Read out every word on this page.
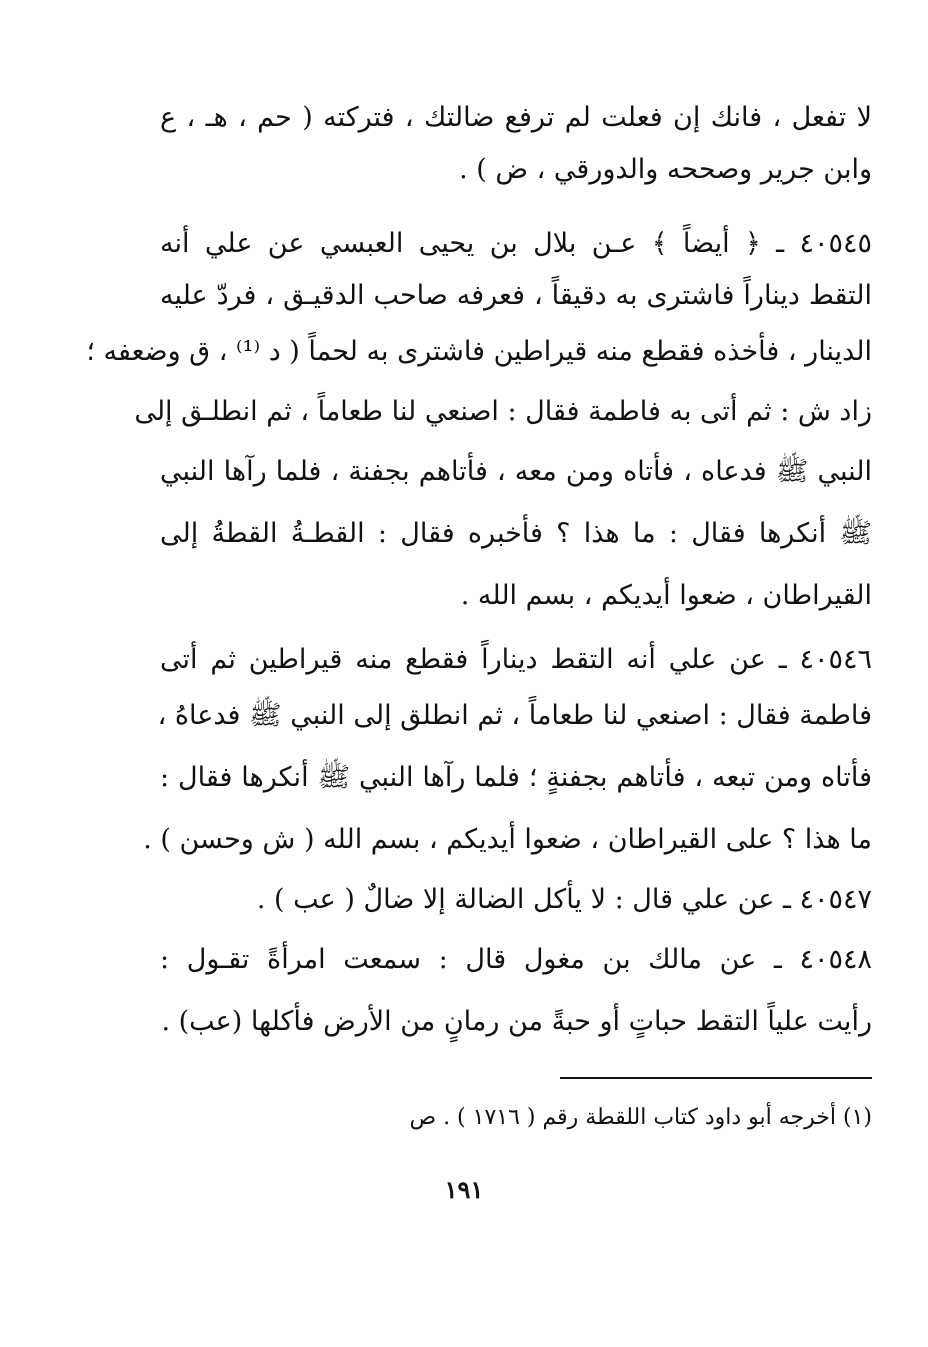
لا تفعل ، فانك إن فعلت لم ترفع ضالتك ، فتركته ( حم ، هـ ، ع
وابن جرير وصححه والدورقي ، ض ) .
٤٠٥٤٥ ـ ﴿ أيضاً ﴾ عـن بلال بن يحيى العبسي عن علي أنه
التقط ديناراً فاشترى به دقيقاً ، فعرفه صاحب الدقيـق ، فردّ عليه
الدينار ، فأخذه فقطع منه قيراطين فاشترى به لحماً ( د ⁽¹⁾ ، ق وضعفه ؛
زاد ش : ثم أتى به فاطمة فقال : اصنعي لنا طعاماً ، ثم انطلـق إلى
النبي ﷺ فدعاه ، فأتاه ومن معه ، فأتاهم بجفنة ، فلما رآها النبي
ﷺ أنكرها فقال : ما هذا ؟ فأخبره فقال : القطـةُ القطةُ إلى
القيراطان ، ضعوا أيديكم ، بسم الله .
٤٠٥٤٦ ـ عن علي أنه التقط ديناراً فقطع منه قيراطين ثم أتى
فاطمة فقال : اصنعي لنا طعاماً ، ثم انطلق إلى النبي ﷺ فدعاهُ ،
فأتاه ومن تبعه ، فأتاهم بجفنةٍ ؛ فلما رآها النبي ﷺ أنكرها فقال :
ما هذا ؟ على القيراطان ، ضعوا أيديكم ، بسم الله ( ش وحسن ) .
٤٠٥٤٧ ـ عن علي قال : لا يأكل الضالة إلا ضالٌ ( عب ) .
٤٠٥٤٨ ـ عن مالك بن مغول قال : سمعت امرأةً تقـول :
رأيت علياً التقط حباتٍ أو حبةً من رمانٍ من الأرض فأكلها (عب) .
(١) أخرجه أبو داود كتاب اللقطة رقم ( ١٧١٦ ) . ص
١٩١
